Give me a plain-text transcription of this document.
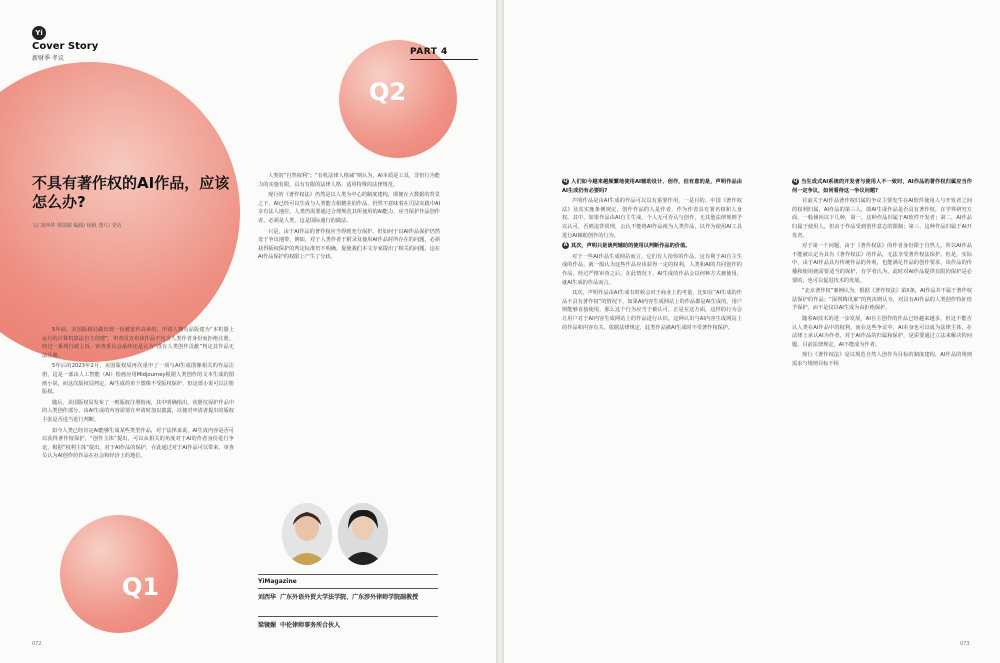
Q2
Q1
Yi
Cover Story
新财季 孝议
PART 4
不具有著作权的AI作品，应该怎么办?
文/ 刘西华 梁镜媚 编辑/ 杨帆 图片/ 受访

5年前，美国版权局做出到一份被宽传高举的，申请人拥有品版建为“本机器上运行的计算机算法自主创建”，审查员宣布该作品不包含人类作者身份而拒绝注册。经过一系列行政上诉，审查委员会最终还是认为“没有人类创作贡献”判定其作品无法注册。

5年后的2023年2月，美国版权局再次重申了一项与AI生成图像相关的作品注册，这是一部由人工智能（AI）绘画应用Midjourney根据人类创作的文本生成的图画小说，而这次版权局判定，AI生成的单个图像不受版权保护，但这部小说可以注册版权。

随后，美国版权局发布了一则版权注册指南，其中明确指出，该册仅保护作品中的人类创作部分，由AI生成的内容需要在申请时加以披露，以便对申请者提出的版权主张是否适当进行判断。

如今人类已经肯定AI能够生成某些类型作品，对于法律来说，AI生成内容是否可以获得著作权保护，“创作主体”提出，可以从相关的角度对于AI的作者身份进行争论，根据“权利主体”提出，对于AI作品的保护，在此通过对于AI作品可以带来，审查员认为AI创作的作品在社会和经济上的地位。

人类的“自然权利”；“有机法律人格减”则认为，AI本质是工具，非但行为能力的实施有限，具有有限的法律人格，适用特殊的法律规范。

现行的《著作权法》仍然是以人类为中心的制度建构，即便在大数据的背景之下，AI已经可以生成与人类能力相媲美的作品，仍然不意味着在司法实践中AI享有法人地位。人类仍需要通过合理规范其所使用的AI能力，应当保护作品创作者，必须是人类，这是国际通行的做法。

只是，由于AI作品的著作权应当得到充分保护，但如何于以AI作品保护仍然处于争议地带，例如，对于人类作者于附录及使用AI作品时所存在的问题，必须获得版权保护的判定标准仍不明确，促使我们本文专家提出了相关的问题，这在AI作品保护的权限上产生了分歧。

YiMagazine
刘西华 广东外语外贸大学法学院、广东涉外律师学院副教授
梁镜媚 中伦律师事务所合伙人
072

Q 人们如今越来越频繁地使用AI辅助设计、创作，但有意的是，声明作品由AI生成仍有必要吗?

声明作品是由AI生成的作品可以具有重要作用，一是目的，中国《著作权法》及其实施条例规定，创作作品的人是作者，作为作者具有署名权和人身权。其中，如果作品由AI自主生成，个人无可否认与创作，无其他法律规则予以认可，否则违背常理，公认不能将AI作品视为人类作品，以作为使用AI工具进行AI辅助创作的行为。

A 其次，声明只是谈判辅助的使用以判断作品的价值。

对于一些AI作品生成网站而言，它们有人给你的作品，这有利于AI自主生成的作品，就一般认为这些作品应该获得一定的权利，人类和AI的共同创作的作品，经过严格审查之后，在此情况下，AI生成的作品会以何种方式被使用，就AI生成的作品而言。

其次，声明作品由AI生成有时候会对于商业上的考量，比如在“AI生成的作品不具有著作权”的情况下，如果AI内容生成网站上的作品都是AI生成的，用户则能够直接使用，那么这个行为应当于被认可。正是在这方面，这样的行为会让用户对于AI内容生成网站上的作品进行认识，这种认识与AI内容生成网站上的作品和内容有关，依据法律规定，此类作品被AI生成时不受著作权保护。

Q 当生成式AI系统的开发者与使用人不一致时，AI作品的著作权归属应当作何一定争议，如何看待这一争议问题?

目前关于AI作品著作权归属的争议主要发生在AI软件使用人与开发者之间的权利归属，AI作品的第三人，即AI生成作品是否具有著作权，在学界研究方面，一般倾向以下几种，第一，这种作品归属于AI软件开发者；第二，AI作品归属于使用人，但由于作品受到创作意志的限制；第三，这种作品归属于AI开发者。

对于第一个问题，由于《著作权法》的作者身份限于自然人，所以AI作品不能被认定为具有《著作权法》的作品，无法享受著作权法保护。但是，实际中，由于AI作品具有传统作品的外观，也能满足作品的创作要求，该作品的传播和使用就需要适当的保护，有学者认为，此时对AI作品提供有限的保护是必要的，也可以促进技术的发展。

“北京著作权”案例认为，根据《著作权法》第X条，AI作品并不属于著作权法保护的作品；“深圳腾讯案”的判决则认为，对具有AI作品的人类创作特征给予保护，而不是仅以AI生成为由拒绝保护。

随着AI技术的进一步发展，AI自主创作的作品已经越来越多，但这不能否认人类在AI作品中的权利，而在这些争议中，AI本身也可以成为法律主体，在法律上承认AI为作者，对于AI作品的归属和保护，是需要通过立法来解决的问题，目前法律规定，AI不能成为作者。

现行《著作权法》是以规范自然人创作为目标的制度建构，AI作品的规则需求与规则目标不相

073
